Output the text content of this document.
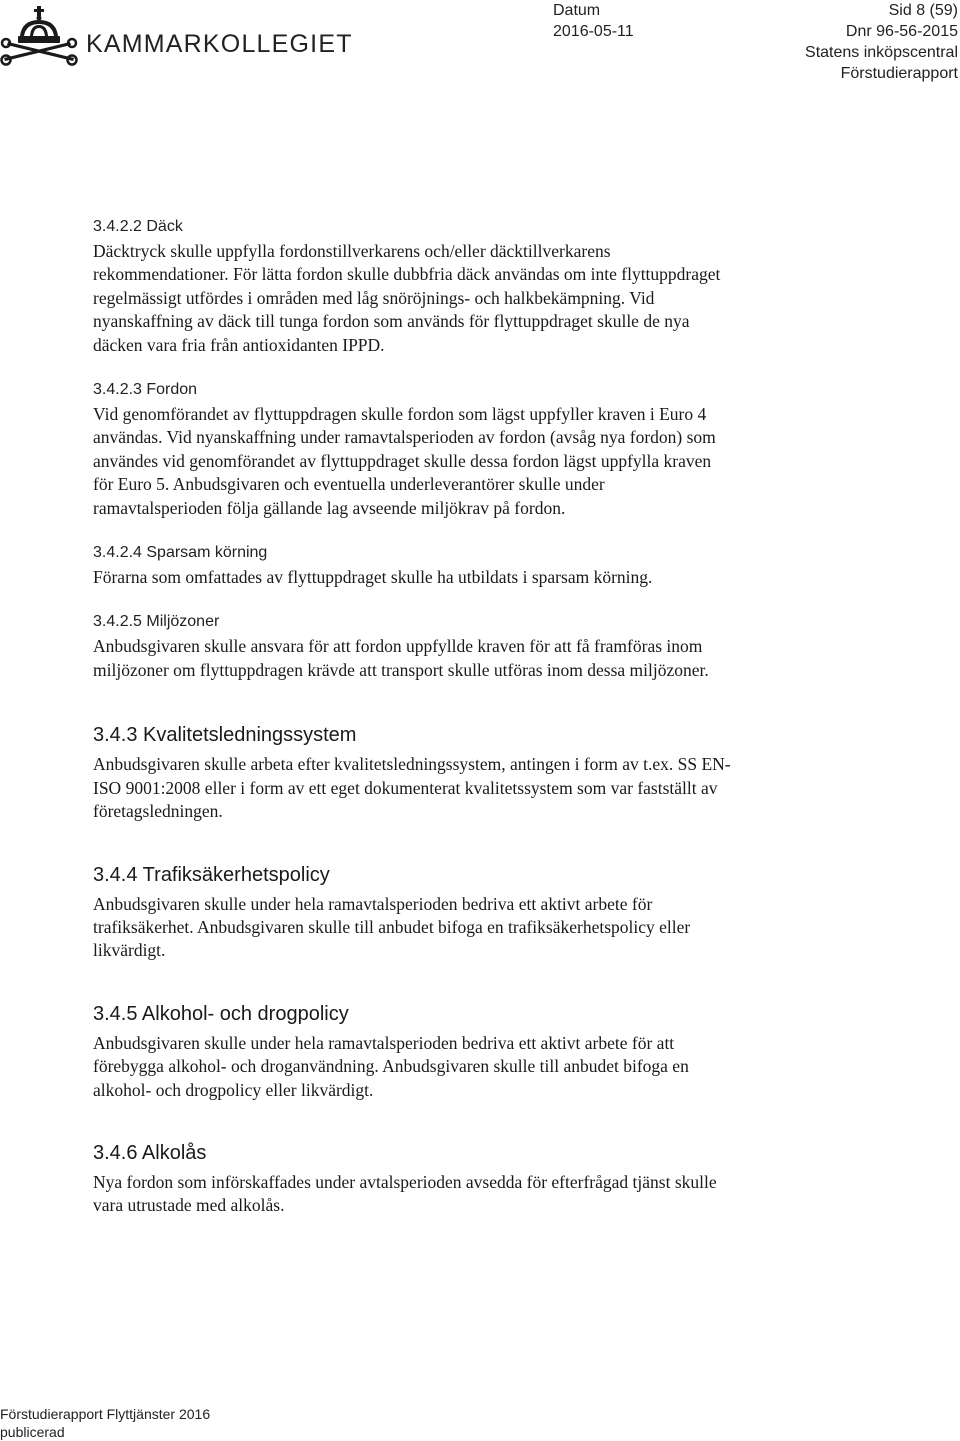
KAMMARKOLLEGIET
Datum
2016-05-11
Sid 8 (59)
Dnr 96-56-2015
Statens inköpscentral
Förstudierapport
3.4.2.2 Däck

Däcktryck skulle uppfylla fordonstillverkarens och/eller däcktillverkarens
rekommendationer. För lätta fordon skulle dubbfria däck användas om inte flyttuppdraget
regelmässigt utfördes i områden med låg snöröjnings- och halkbekämpning. Vid
nyanskaffning av däck till tunga fordon som används för flyttuppdraget skulle de nya
däcken vara fria från antioxidanten IPPD.

3.4.2.3 Fordon

Vid genomförandet av flyttuppdragen skulle fordon som lägst uppfyller kraven i Euro 4
användas. Vid nyanskaffning under ramavtalsperioden av fordon (avsåg nya fordon) som
användes vid genomförandet av flyttuppdraget skulle dessa fordon lägst uppfylla kraven
för Euro 5. Anbudsgivaren och eventuella underleverantörer skulle under
ramavtalsperioden följa gällande lag avseende miljökrav på fordon.

3.4.2.4 Sparsam körning

Förarna som omfattades av flyttuppdraget skulle ha utbildats i sparsam körning.

3.4.2.5 Miljözoner

Anbudsgivaren skulle ansvara för att fordon uppfyllde kraven för att få framföras inom
miljözoner om flyttuppdragen krävde att transport skulle utföras inom dessa miljözoner.

3.4.3 Kvalitetsledningssystem

Anbudsgivaren skulle arbeta efter kvalitetsledningssystem, antingen i form av t.ex. SS EN-
ISO 9001:2008 eller i form av ett eget dokumenterat kvalitetssystem som var fastställt av
företagsledningen.

3.4.4 Trafiksäkerhetspolicy

Anbudsgivaren skulle under hela ramavtalsperioden bedriva ett aktivt arbete för
trafiksäkerhet. Anbudsgivaren skulle till anbudet bifoga en trafiksäkerhetspolicy eller
likvärdigt.

3.4.5 Alkohol- och drogpolicy

Anbudsgivaren skulle under hela ramavtalsperioden bedriva ett aktivt arbete för att
förebygga alkohol- och droganvändning. Anbudsgivaren skulle till anbudet bifoga en
alkohol- och drogpolicy eller likvärdigt.

3.4.6 Alkolås

Nya fordon som införskaffades under avtalsperioden avsedda för efterfrågad tjänst skulle
vara utrustade med alkolås.

Förstudierapport Flyttjänster 2016
publicerad
